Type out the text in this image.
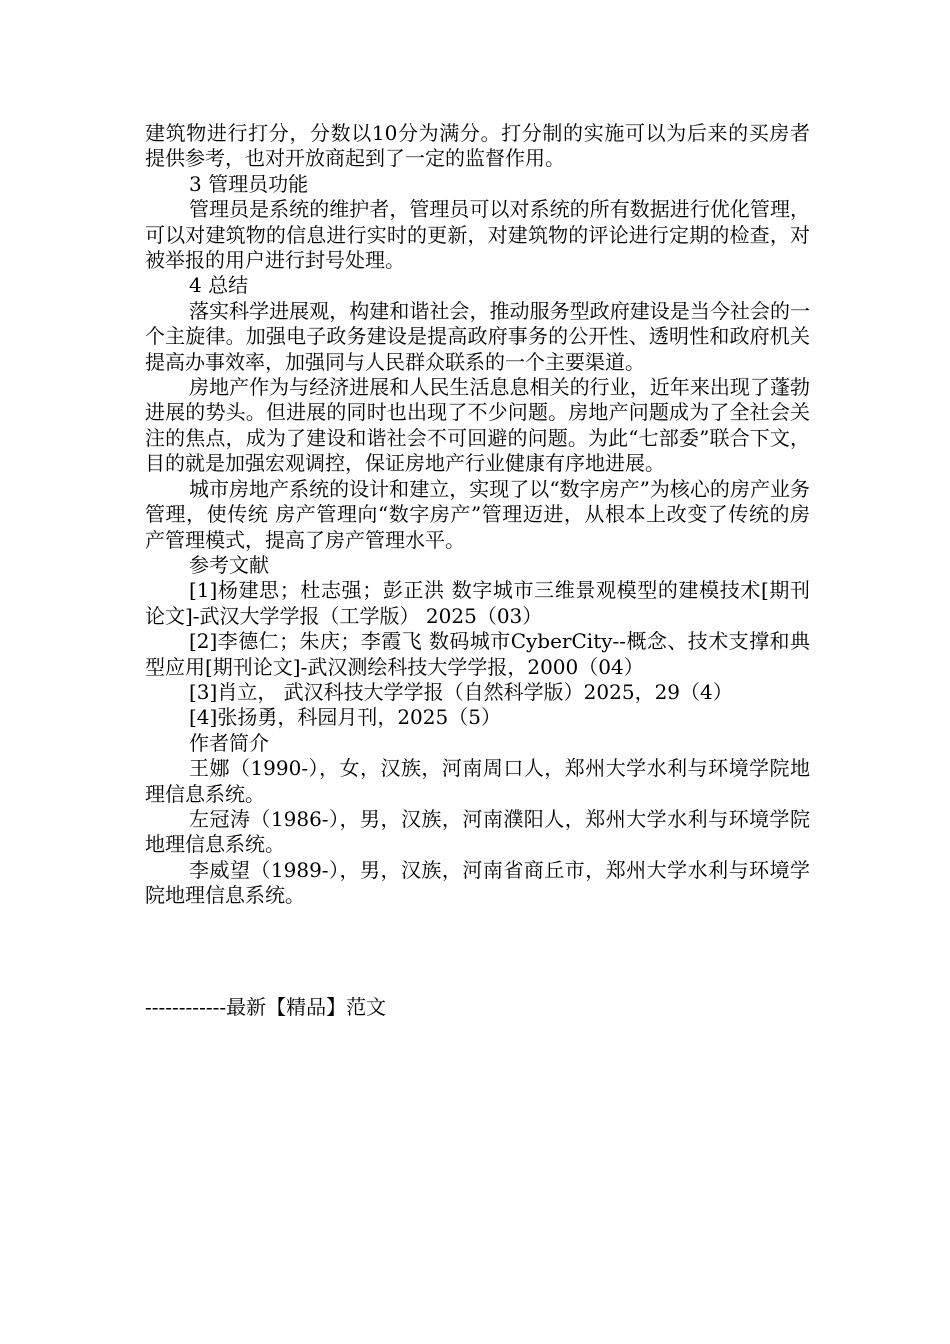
建筑物进行打分，分数以10分为满分。打分制的实施可以为后来的买房者提供参考，也对开放商起到了一定的监督作用。

3 管理员功能

管理员是系统的维护者，管理员可以对系统的所有数据进行优化管理，可以对建筑物的信息进行实时的更新，对建筑物的评论进行定期的检查，对被举报的用户进行封号处理。

4 总结

落实科学进展观，构建和谐社会，推动服务型政府建设是当今社会的一个主旋律。加强电子政务建设是提高政府事务的公开性、透明性和政府机关提高办事效率，加强同与人民群众联系的一个主要渠道。

房地产作为与经济进展和人民生活息息相关的行业，近年来出现了蓬勃进展的势头。但进展的同时也出现了不少问题。房地产问题成为了全社会关注的焦点，成为了建设和谐社会不可回避的问题。为此“七部委”联合下文，目的就是加强宏观调控，保证房地产行业健康有序地进展。

城市房地产系统的设计和建立，实现了以“数字房产”为核心的房产业务管理，使传统 房产管理向“数字房产”管理迈进，从根本上改变了传统的房产管理模式，提高了房产管理水平。

参考文献

[1]杨建思；杜志强；彭正洪 数字城市三维景观模型的建模技术[期刊论文]-武汉大学学报（工学版） 2025（03）

[2]李德仁；朱庆；李霞飞 数码城市CyberCity--概念、技术支撑和典型应用[期刊论文]-武汉测绘科技大学学报，2000（04）

[3]肖立， 武汉科技大学学报（自然科学版）2025，29（4）

[4]张扬勇，科园月刊，2025（5）

作者简介

王娜（1990-），女，汉族，河南周口人，郑州大学水利与环境学院地理信息系统。

左冠涛（1986-），男，汉族，河南濮阳人，郑州大学水利与环境学院地理信息系统。

李威望（1989-），男，汉族，河南省商丘市，郑州大学水利与环境学院地理信息系统。

------------最新【精品】范文
